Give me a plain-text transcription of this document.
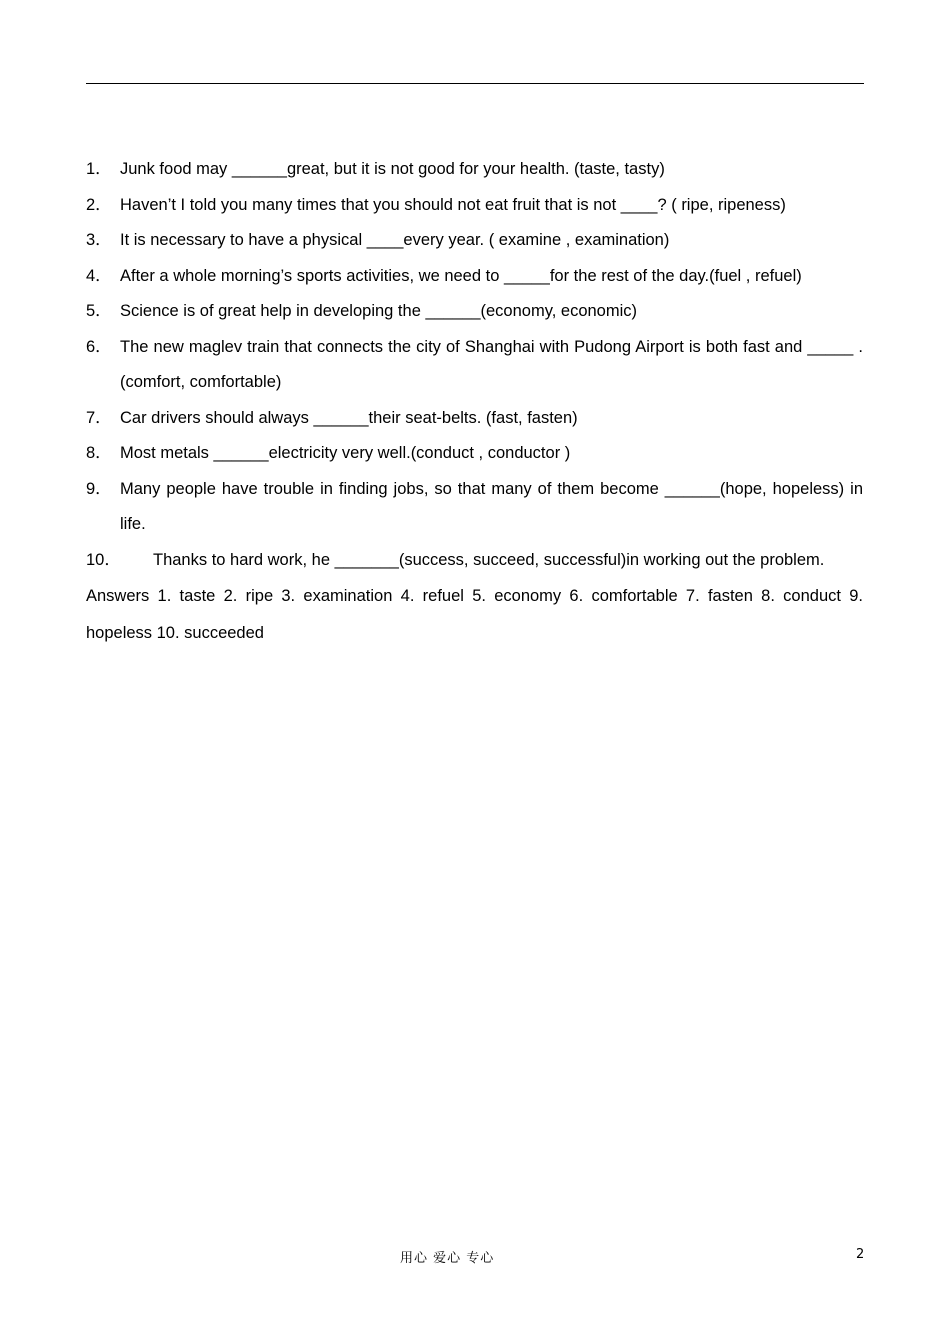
1． Junk food may ______great, but it is not good for your health. (taste, tasty)
2． Haven’t I told you many times that you should not eat fruit that is not ____? ( ripe, ripeness)
3． It is necessary to have a physical ____every year. ( examine , examination)
4． After a whole morning’s sports activities, we need to _____for the rest of the day.(fuel , refuel)
5． Science is of great help in developing the ______(economy, economic)
6． The new maglev train that connects the city of Shanghai with Pudong Airport is both fast and _____ .(comfort, comfortable)
7． Car drivers should always ______their seat-belts. (fast, fasten)
8． Most metals ______electricity very well.(conduct , conductor )
9． Many people have trouble in finding jobs, so that many of them become ______(hope, hopeless) in life.
10．	Thanks to hard work, he _______(success, succeed, successful)in working out the problem.
Answers 1. taste 2. ripe 3. examination 4. refuel 5. economy 6. comfortable 7. fasten 8. conduct 9. hopeless 10. succeeded
用心 爱心 专心	2
